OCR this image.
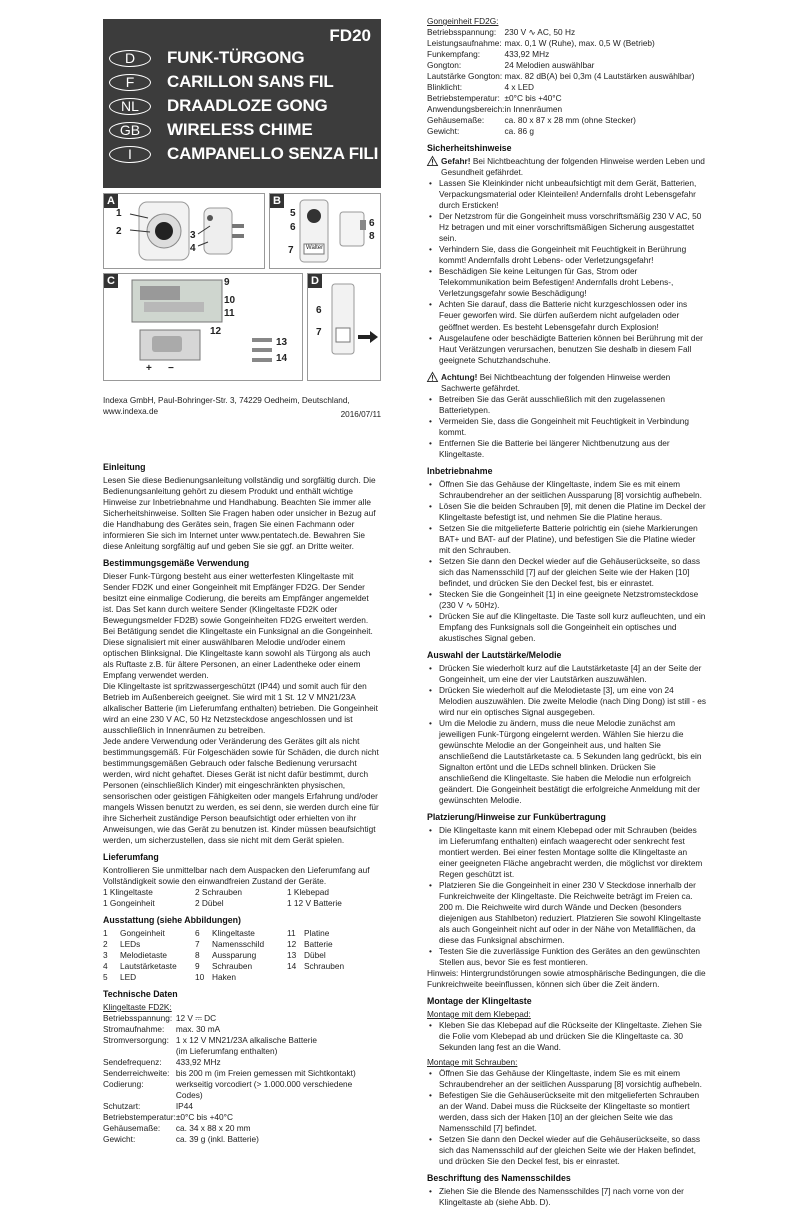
FD20
D	FUNK-TÜRGONG
F	CARILLON SANS FIL
NL	DRAADLOZE GONG
GB	WIRELESS CHIME
I	CAMPANELLO SENZA FILI
A
1
2	3
4
B
5
6
7
6
8
Walter
C	9
10
11
12
13
14
+ −
D
6
7
Indexa GmbH, Paul-Bohringer-Str. 3, 74229 Oedheim, Deutschland, www.indexa.de	2016/07/11
Einleitung

Lesen Sie diese Bedienungsanleitung vollständig und sorgfältig durch. Die Bedienungsanleitung gehört zu diesem Produkt und enthält wichtige Hinweise zur Inbetriebnahme und Handhabung. Beachten Sie immer alle Sicherheitshinweise. Sollten Sie Fragen haben oder unsicher in Bezug auf die Handhabung des Gerätes sein, fragen Sie einen Fachmann oder informieren Sie sich im Internet unter www.pentatech.de. Bewahren Sie diese Anleitung sorgfältig auf und geben Sie sie ggf. an Dritte weiter.

Bestimmungsgemäße Verwendung

Dieser Funk-Türgong besteht aus einer wetterfesten Klingeltaste mit Sender FD2K und einer Gongeinheit mit Empfänger FD2G. Der Sender besitzt eine einmalige Codierung, die bereits am Empfänger angemeldet ist. Das Set kann durch weitere Sender (Klingeltaste FD2K oder Bewegungsmelder FD2B) sowie Gongeinheiten FD2G erweitert werden.

Bei Betätigung sendet die Klingeltaste ein Funksignal an die Gongeinheit. Diese signalisiert mit einer auswählbaren Melodie und/oder einem optischen Blinksignal. Die Klingeltaste kann sowohl als Türgong als auch als Ruftaste z.B. für ältere Personen, an einer Ladentheke oder einem Empfang verwendet werden.

Die Klingeltaste ist spritzwassergeschützt (IP44) und somit auch für den Betrieb im Außenbereich geeignet. Sie wird mit 1 St. 12 V MN21/23A alkalischer Batterie (im Lieferumfang enthalten) betrieben. Die Gongeinheit wird an eine 230 V AC, 50 Hz Netzsteckdose angeschlossen und ist ausschließlich in Innenräumen zu betreiben.

Jede andere Verwendung oder Veränderung des Gerätes gilt als nicht bestimmungsgemäß. Für Folgeschäden sowie für Schäden, die durch nicht bestimmungsgemäßen Gebrauch oder falsche Bedienung verursacht werden, wird nicht gehaftet. Dieses Gerät ist nicht dafür bestimmt, durch Personen (einschließlich Kinder) mit eingeschränkten physischen, sensorischen oder geistigen Fähigkeiten oder mangels Erfahrung und/oder mangels Wissen benutzt zu werden, es sei denn, sie werden durch eine für ihre Sicherheit zuständige Person beaufsichtigt oder erhielten von ihr Anweisungen, wie das Gerät zu benutzen ist. Kinder müssen beaufsichtigt werden, um sicherzustellen, dass sie nicht mit dem Gerät spielen.

Lieferumfang

Kontrollieren Sie unmittelbar nach dem Auspacken den Lieferumfang auf Vollständigkeit sowie den einwandfreien Zustand der Geräte.

1 Klingeltaste	2 Schrauben	1 Klebepad
1 Gongeinheit	2 Dübel	1 12 V Batterie
Ausstattung (siehe Abbildungen)
1	Gongeinheit	6	Klingeltaste	11	Platine
2	LEDs	7	Namensschild	12 Batterie
3	Melodietaste	8	Aussparung	13 Dübel
4	Lautstärketaste	9	Schrauben	14 Schrauben
5	LED	10 Haken
Technische Daten

Klingeltaste FD2K:

Betriebsspannung:	12 V ⎓ DC
Stromaufnahme:	max. 30 mA
Stromversorgung:	1 x 12 V MN21/23A alkalische Batterie
	(im Lieferumfang enthalten)
Sendefrequenz:	433,92 MHz
Senderreichweite:	bis 200 m (im Freien gemessen mit Sichtkontakt)
Codierung:	werkseitig vorcodiert (> 1.000.000 verschiedene Codes)
Schutzart:	IP44
Betriebstemperatur:	±0°C bis +40°C
Gehäusemaße:	ca. 34 x 88 x 20 mm
Gewicht:	ca. 39 g (inkl. Batterie)

Gongeinheit FD2G:

Betriebsspannung:	230 V ∿ AC, 50 Hz
Leistungsaufnahme:	max. 0,1 W (Ruhe), max. 0,5 W (Betrieb)
Funkempfang:	433,92 MHz
Gongton:	24 Melodien auswählbar
Lautstärke Gongton:	max. 82 dB(A) bei 0,3m (4 Lautstärken auswählbar)
Blinklicht:	4 x LED
Betriebstemperatur:	±0°C bis +40°C
Anwendungsbereich:	in Innenräumen
Gehäusemaße:	ca. 80 x 87 x 28 mm (ohne Stecker)
Gewicht:	ca. 86 g
Sicherheitshinweise

Gefahr! Bei Nichtbeachtung der folgenden Hinweise werden Leben und Gesundheit gefährdet.

• Lassen Sie Kleinkinder nicht unbeaufsichtigt mit dem Gerät, Batterien, Verpackungsmaterial oder Kleinteilen! Andernfalls droht Lebensgefahr durch Ersticken!
• Der Netzstrom für die Gongeinheit muss vorschriftsmäßig 230 V AC, 50 Hz betragen und mit einer vorschriftsmäßigen Sicherung ausgestattet sein.
• Verhindern Sie, dass die Gongeinheit mit Feuchtigkeit in Berührung kommt! Andernfalls droht Lebens- oder Verletzungsgefahr!
• Beschädigen Sie keine Leitungen für Gas, Strom oder Telekommunikation beim Befestigen! Andernfalls droht Lebens-, Verletzungsgefahr sowie Beschädigung!
• Achten Sie darauf, dass die Batterie nicht kurzgeschlossen oder ins Feuer geworfen wird. Sie dürfen außerdem nicht aufgeladen oder geöffnet werden. Es besteht Lebensgefahr durch Explosion!
• Ausgelaufene oder beschädigte Batterien können bei Berührung mit der Haut Verätzungen verursachen, benutzen Sie deshalb in diesem Fall geeignete Schutzhandschuhe.

Achtung! Bei Nichtbeachtung der folgenden Hinweise werden Sachwerte gefährdet.

• Betreiben Sie das Gerät ausschließlich mit den zugelassenen Batterietypen.
• Vermeiden Sie, dass die Gongeinheit mit Feuchtigkeit in Verbindung kommt.
• Entfernen Sie die Batterie bei längerer Nichtbenutzung aus der Klingeltaste.
Inbetriebnahme
• Öffnen Sie das Gehäuse der Klingeltaste, indem Sie es mit einem Schraubendreher an der seitlichen Aussparung [8] vorsichtig aufhebeln.
• Lösen Sie die beiden Schrauben [9], mit denen die Platine im Deckel der Klingeltaste befestigt ist, und nehmen Sie die Platine heraus.
• Setzen Sie die mitgelieferte Batterie polrichtig ein (siehe Markierungen BAT+ und BAT- auf der Platine), und befestigen Sie die Platine wieder mit den Schrauben.
• Setzen Sie dann den Deckel wieder auf die Gehäuserückseite, so dass sich das Namensschild [7] auf der gleichen Seite wie der Haken [10] befindet, und drücken Sie den Deckel fest, bis er einrastet.
• Stecken Sie die Gongeinheit [1] in eine geeignete Netzstromsteckdose (230 V ∿ 50Hz).
• Drücken Sie auf die Klingeltaste. Die Taste soll kurz aufleuchten, und ein Empfang des Funksignals soll die Gongeinheit ein optisches und akustisches Signal geben.
Auswahl der Lautstärke/Melodie
• Drücken Sie wiederholt kurz auf die Lautstärketaste [4] an der Seite der Gongeinheit, um eine der vier Lautstärken auszuwählen.
• Drücken Sie wiederholt auf die Melodietaste [3], um eine von 24 Melodien auszuwählen. Die zweite Melodie (nach Ding Dong) ist still - es wird nur ein optisches Signal ausgegeben.
• Um die Melodie zu ändern, muss die neue Melodie zunächst am jeweiligen Funk-Türgong eingelernt werden. Wählen Sie hierzu die gewünschte Melodie an der Gongeinheit aus, und halten Sie anschließend die Lautstärketaste ca. 5 Sekunden lang gedrückt, bis ein Signalton ertönt und die LEDs schnell blinken. Drücken Sie anschließend die Klingeltaste. Sie haben die Melodie nun erfolgreich geändert. Die Gongeinheit bestätigt die erfolgreiche Anmeldung mit der gewünschten Melodie.
Platzierung/Hinweise zur Funkübertragung
• Die Klingeltaste kann mit einem Klebepad oder mit Schrauben (beides im Lieferumfang enthalten) einfach waagerecht oder senkrecht fest montiert werden. Bei einer festen Montage sollte die Klingeltaste an einer geeigneten Fläche angebracht werden, die möglichst vor direktem Regen geschützt ist.
• Platzieren Sie die Gongeinheit in einer 230 V Steckdose innerhalb der Funkreichweite der Klingeltaste. Die Reichweite beträgt im Freien ca. 200 m. Die Reichweite wird durch Wände und Decken (besonders diejenigen aus Stahlbeton) reduziert. Platzieren Sie sowohl Klingeltaste als auch Gongeinheit nicht auf oder in der Nähe von Metallflächen, da diese das Funksignal abschirmen.
• Testen Sie die zuverlässige Funktion des Gerätes an den gewünschten Stellen aus, bevor Sie es fest montieren.

Hinweis: Hintergrundstörungen sowie atmosphärische Bedingungen, die die Funkreichweite beeinflussen, können sich über die Zeit ändern.

Montage der Klingeltaste

Montage mit dem Klebepad:

• Kleben Sie das Klebepad auf die Rückseite der Klingeltaste. Ziehen Sie die Folie vom Klebepad ab und drücken Sie die Klingeltaste ca. 30 Sekunden lang fest an die Wand.

Montage mit Schrauben:

• Öffnen Sie das Gehäuse der Klingeltaste, indem Sie es mit einem Schraubendreher an der seitlichen Aussparung [8] vorsichtig aufhebeln.
• Befestigen Sie die Gehäuserückseite mit den mitgelieferten Schrauben an der Wand. Dabei muss die Rückseite der Klingeltaste so montiert werden, dass sich der Haken [10] an der gleichen Seite wie das Namensschild [7] befindet.
• Setzen Sie dann den Deckel wieder auf die Gehäuserückseite, so dass sich das Namensschild auf der gleichen Seite wie der Haken befindet, und drücken Sie den Deckel fest, bis er einrastet.
Beschriftung des Namensschildes
• Ziehen Sie die Blende des Namensschildes [7] nach vorne von der Klingeltaste ab (siehe Abb. D).
